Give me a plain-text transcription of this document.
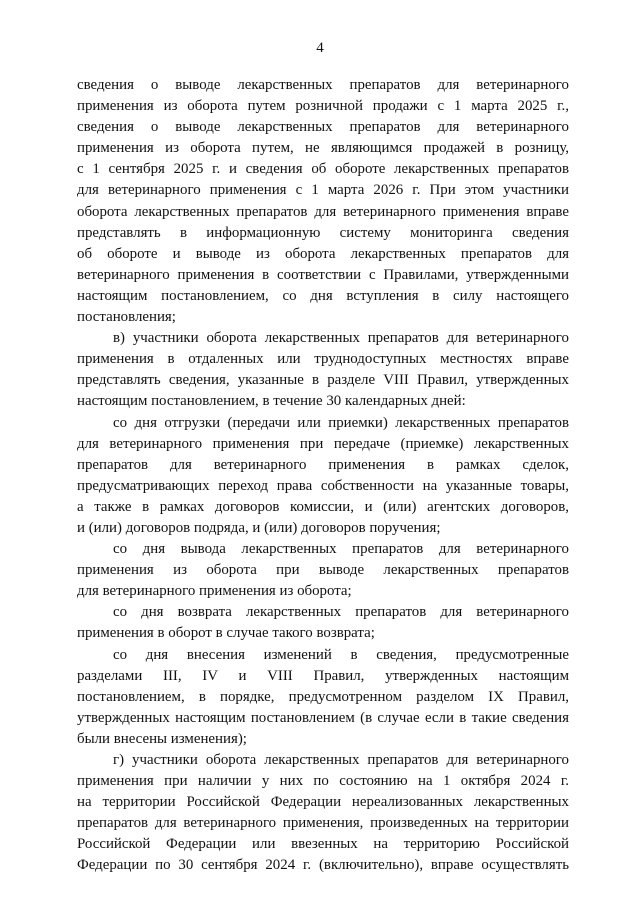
4
сведения о выводе лекарственных препаратов для ветеринарного
применения из оборота путем розничной продажи с 1 марта 2025 г.,
сведения о выводе лекарственных препаратов для ветеринарного
применения из оборота путем, не являющимся продажей в розницу,
с 1 сентября 2025 г. и сведения об обороте лекарственных препаратов
для ветеринарного применения с 1 марта 2026 г. При этом участники
оборота лекарственных препаратов для ветеринарного применения вправе
представлять в информационную систему мониторинга сведения
об обороте и выводе из оборота лекарственных препаратов для
ветеринарного применения в соответствии с Правилами, утвержденными
настоящим постановлением, со дня вступления в силу настоящего
постановления;
в) участники оборота лекарственных препаратов для ветеринарного
применения в отдаленных или труднодоступных местностях вправе
представлять сведения, указанные в разделе VIII Правил, утвержденных
настоящим постановлением, в течение 30 календарных дней:
со дня отгрузки (передачи или приемки) лекарственных препаратов
для ветеринарного применения при передаче (приемке) лекарственных
препаратов для ветеринарного применения в рамках сделок,
предусматривающих переход права собственности на указанные товары,
а также в рамках договоров комиссии, и (или) агентских договоров,
и (или) договоров подряда, и (или) договоров поручения;
со дня вывода лекарственных препаратов для ветеринарного
применения из оборота при выводе лекарственных препаратов
для ветеринарного применения из оборота;
со дня возврата лекарственных препаратов для ветеринарного
применения в оборот в случае такого возврата;
со дня внесения изменений в сведения, предусмотренные
разделами III, IV и VIII Правил, утвержденных настоящим
постановлением, в порядке, предусмотренном разделом IX Правил,
утвержденных настоящим постановлением (в случае если в такие сведения
были внесены изменения);
г) участники оборота лекарственных препаратов для ветеринарного
применения при наличии у них по состоянию на 1 октября 2024 г.
на территории Российской Федерации нереализованных лекарственных
препаратов для ветеринарного применения, произведенных на территории
Российской Федерации или ввезенных на территорию Российской
Федерации по 30 сентября 2024 г. (включительно), вправе осуществлять
